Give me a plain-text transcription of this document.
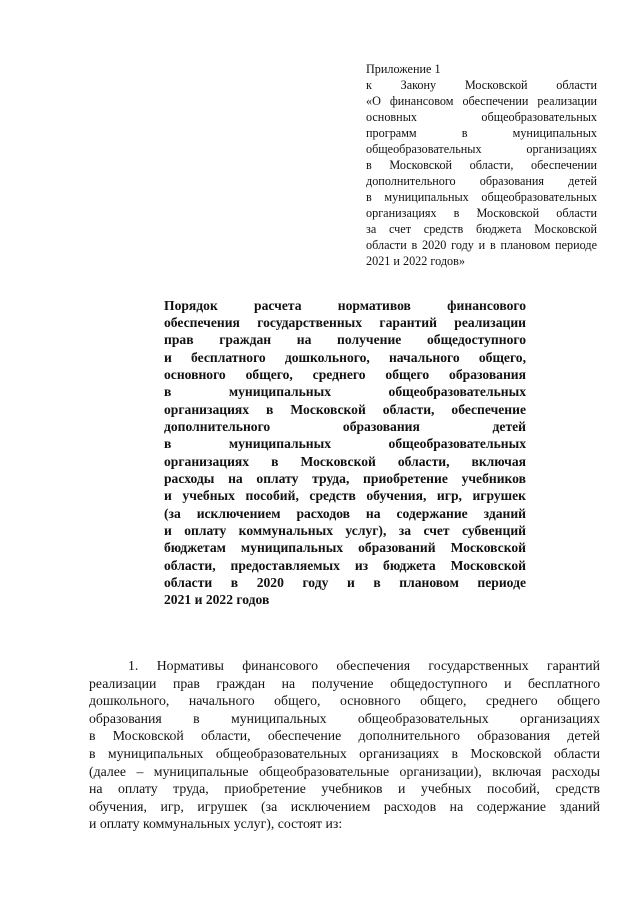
Приложение 1
к Закону Московской области
«О финансовом обеспечении реализации
основных общеобразовательных
программ в муниципальных
общеобразовательных организациях
в Московской области, обеспечении
дополнительного образования детей
в муниципальных общеобразовательных
организациях в Московской области
за счет средств бюджета Московской
области в 2020 году и в плановом периоде
2021 и 2022 годов»
Порядок расчета нормативов финансового
обеспечения государственных гарантий реализации
прав граждан на получение общедоступного
и бесплатного дошкольного, начального общего,
основного общего, среднего общего образования
в муниципальных общеобразовательных
организациях в Московской области, обеспечение
дополнительного образования детей
в муниципальных общеобразовательных
организациях в Московской области, включая
расходы на оплату труда, приобретение учебников
и учебных пособий, средств обучения, игр, игрушек
(за исключением расходов на содержание зданий
и оплату коммунальных услуг), за счет субвенций
бюджетам муниципальных образований Московской
области, предоставляемых из бюджета Московской
области в 2020 году и в плановом периоде
2021 и 2022 годов
1. Нормативы финансового обеспечения государственных гарантий
реализации прав граждан на получение общедоступного и бесплатного
дошкольного, начального общего, основного общего, среднего общего
образования в муниципальных общеобразовательных организациях
в Московской области, обеспечение дополнительного образования детей
в муниципальных общеобразовательных организациях в Московской области
(далее – муниципальные общеобразовательные организации), включая расходы
на оплату труда, приобретение учебников и учебных пособий, средств
обучения, игр, игрушек (за исключением расходов на содержание зданий
и оплату коммунальных услуг), состоят из:
